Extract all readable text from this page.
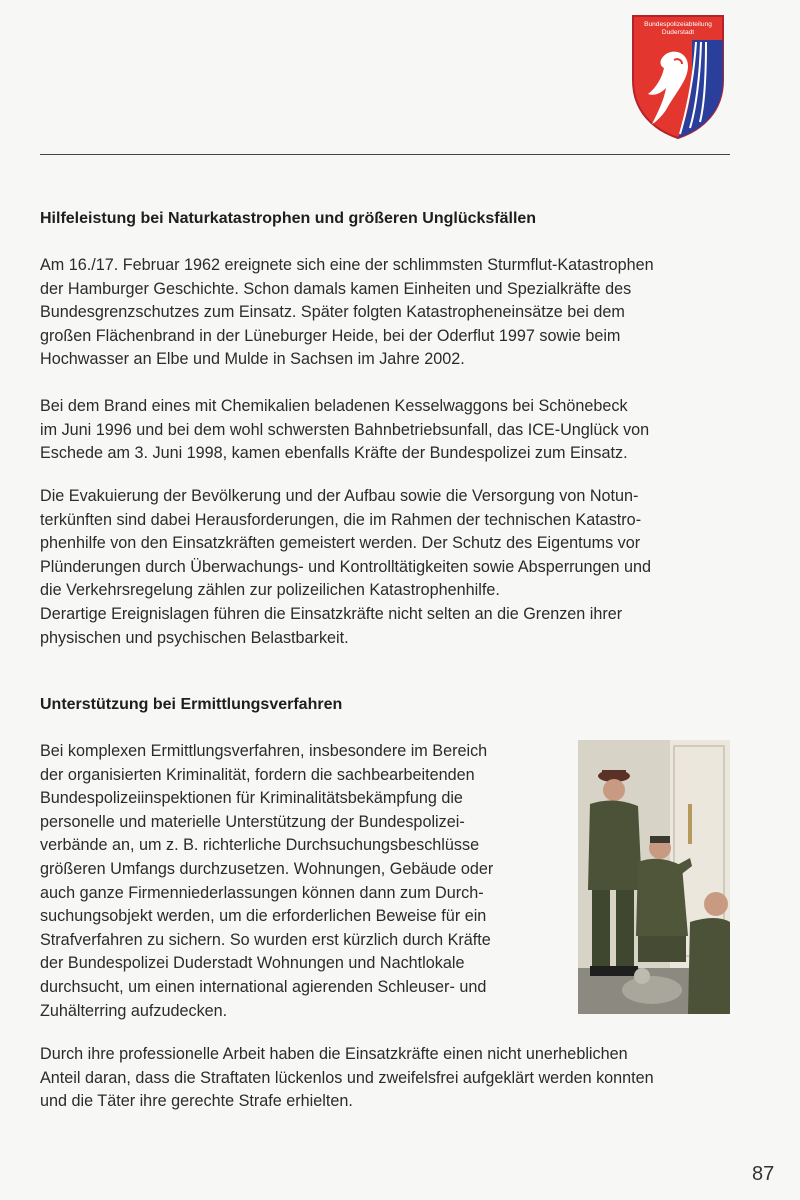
Bundespolizeiabteilung
Duderstadt
Hilfeleistung bei Naturkatastrophen und größeren Unglücksfällen

Am 16./17. Februar 1962 ereignete sich eine der schlimmsten Sturmflut-Katastrophen
der Hamburger Geschichte. Schon damals kamen Einheiten und Spezialkräfte des
Bundesgrenzschutzes zum Einsatz. Später folgten Katastropheneinsätze bei dem
großen Flächenbrand in der Lüneburger Heide, bei der Oderflut 1997 sowie beim
Hochwasser an Elbe und Mulde in Sachsen im Jahre 2002.

Bei dem Brand eines mit Chemikalien beladenen Kesselwaggons bei Schönebeck
im Juni 1996 und bei dem wohl schwersten Bahnbetriebsunfall, das ICE-Unglück von
Eschede am 3. Juni 1998, kamen ebenfalls Kräfte der Bundespolizei zum Einsatz.

Die Evakuierung der Bevölkerung und der Aufbau sowie die Versorgung von Notun-
terkünften sind dabei Herausforderungen, die im Rahmen der technischen Katastro-
phenhilfe von den Einsatzkräften gemeistert werden. Der Schutz des Eigentums vor
Plünderungen durch Überwachungs- und Kontrolltätigkeiten sowie Absperrungen und
die Verkehrsregelung zählen zur polizeilichen Katastrophenhilfe.
Derartige Ereignislagen führen die Einsatzkräfte nicht selten an die Grenzen ihrer
physischen und psychischen Belastbarkeit.

Unterstützung bei Ermittlungsverfahren

Bei komplexen Ermittlungsverfahren, insbesondere im Bereich
der organisierten Kriminalität, fordern die sachbearbeitenden
Bundespolizeiinspektionen für Kriminalitätsbekämpfung die
personelle und materielle Unterstützung der Bundespolizei-
verbände an, um z. B. richterliche Durchsuchungsbeschlüsse
größeren Umfangs durchzusetzen. Wohnungen, Gebäude oder
auch ganze Firmenniederlassungen können dann zum Durch-
suchungsobjekt werden, um die erforderlichen Beweise für ein
Strafverfahren zu sichern. So wurden erst kürzlich durch Kräfte
der Bundespolizei Duderstadt Wohnungen und Nachtlokale
durchsucht, um einen international agierenden Schleuser- und
Zuhälterring aufzudecken.

Durch ihre professionelle Arbeit haben die Einsatzkräfte einen nicht unerheblichen
Anteil daran, dass die Straftaten lückenlos und zweifelsfrei aufgeklärt werden konnten
und die Täter ihre gerechte Strafe erhielten.

87
